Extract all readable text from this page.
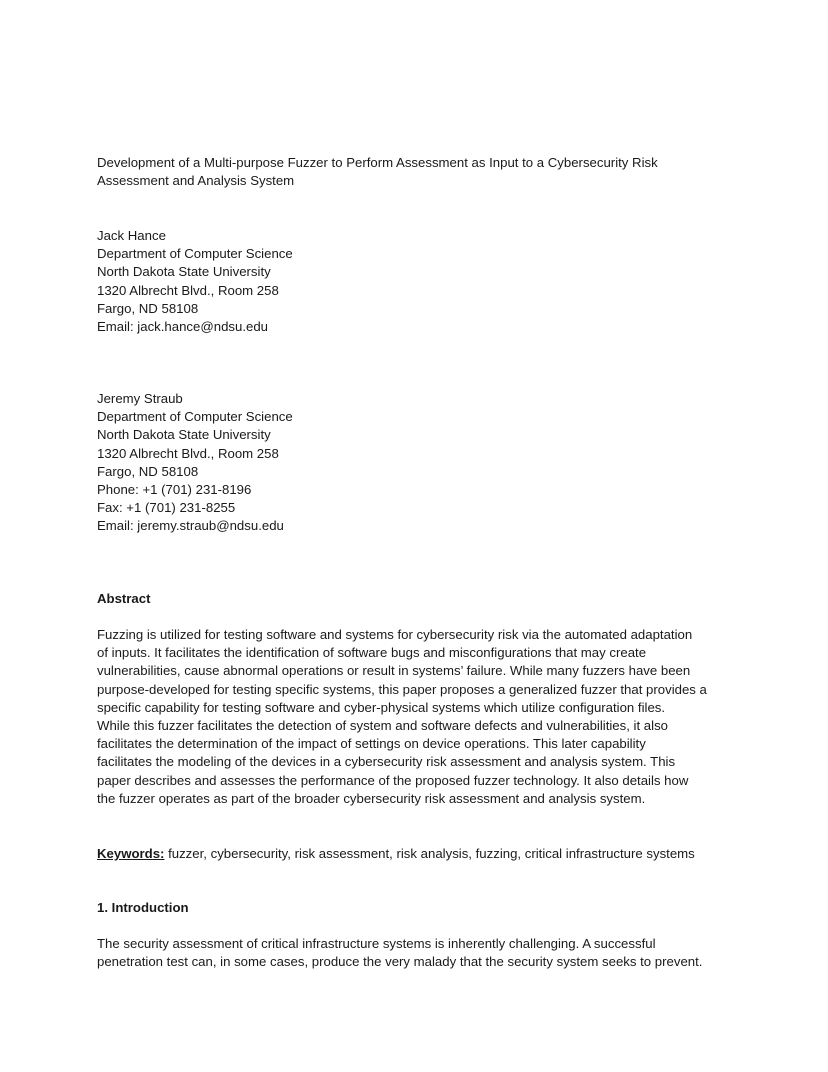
Development of a Multi-purpose Fuzzer to Perform Assessment as Input to a Cybersecurity Risk
Assessment and Analysis System
Jack Hance
Department of Computer Science
North Dakota State University
1320 Albrecht Blvd., Room 258
Fargo, ND 58108
Email: jack.hance@ndsu.edu
Jeremy Straub
Department of Computer Science
North Dakota State University
1320 Albrecht Blvd., Room 258
Fargo, ND 58108
Phone: +1 (701) 231-8196
Fax: +1 (701) 231-8255
Email: jeremy.straub@ndsu.edu
Abstract
Fuzzing is utilized for testing software and systems for cybersecurity risk via the automated adaptation
of inputs. It facilitates the identification of software bugs and misconfigurations that may create
vulnerabilities, cause abnormal operations or result in systems’ failure. While many fuzzers have been
purpose-developed for testing specific systems, this paper proposes a generalized fuzzer that provides a
specific capability for testing software and cyber-physical systems which utilize configuration files.
While this fuzzer facilitates the detection of system and software defects and vulnerabilities, it also
facilitates the determination of the impact of settings on device operations. This later capability
facilitates the modeling of the devices in a cybersecurity risk assessment and analysis system. This
paper describes and assesses the performance of the proposed fuzzer technology. It also details how
the fuzzer operates as part of the broader cybersecurity risk assessment and analysis system.
Keywords: fuzzer, cybersecurity, risk assessment, risk analysis, fuzzing, critical infrastructure systems
1. Introduction
The security assessment of critical infrastructure systems is inherently challenging. A successful
penetration test can, in some cases, produce the very malady that the security system seeks to prevent.
